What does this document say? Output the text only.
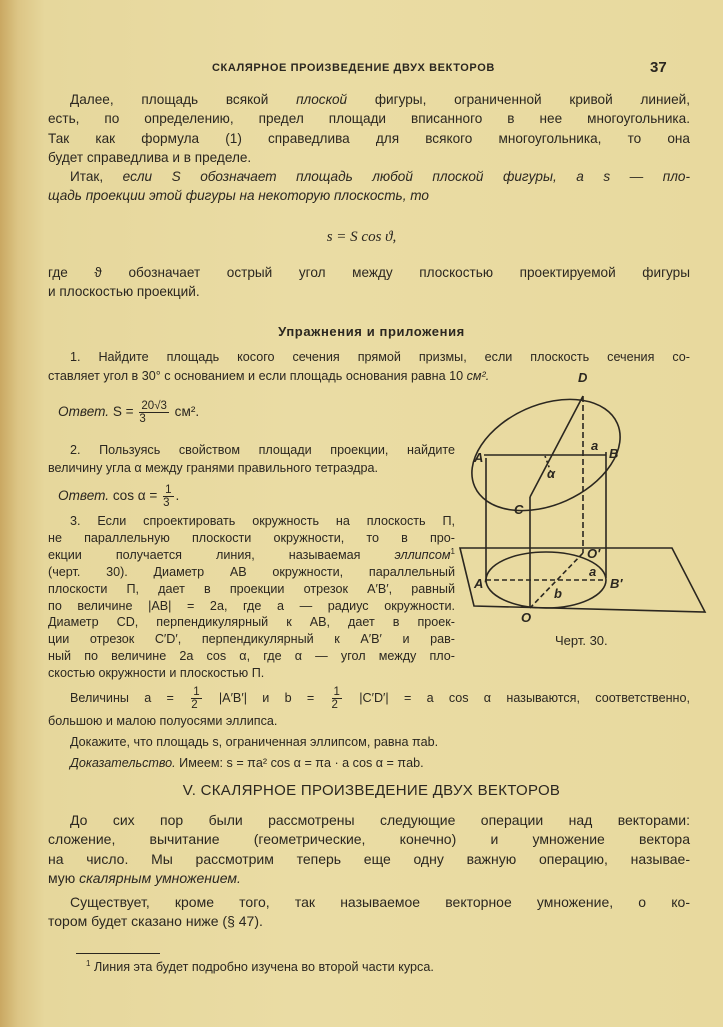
СКАЛЯРНОЕ ПРОИЗВЕДЕНИЕ ДВУХ ВЕКТОРОВ	37
Далее, площадь всякой плоской фигуры, ограниченной кривой линией,
есть, по определению, предел площади вписанного в нее многоугольника.
Так как формула (1) справедлива для всякого многоугольника, то она
будет справедлива и в пределе.
Итак, если S обозначает площадь любой плоской фигуры, а s — пло-
щадь проекции этой фигуры на некоторую плоскость, то
s = S cos ϑ,
где ϑ обозначает острый угол между плоскостью проектируемой фигуры
и плоскостью проекций.
Упражнения и приложения
1. Найдите площадь косого сечения прямой призмы, если плоскость сечения со-
ставляет угол в 30° с основанием и если площадь основания равна 10 см².
Ответ. $S = \frac{20√3}{3} см^2$.
2. Пользуясь свойством площади проекции, найдите
величину угла α между гранями правильного тетраэдра.
Ответ. $\cos \alpha = \frac{1}{3}$ .
3. Если спроектировать окружность на плоскость П,
не параллельную плоскости окружности, то в про-
екции получается линия, называемая эллипсом$^1$
(черт. 30). Диаметр AB окружности, параллельный
плоскости П, дает в проекции отрезок A′B′, равный
по величине |AB| = 2a, где a — радиус окружности.
Диаметр CD, перпендикулярный к AB, дает в проек-
ции отрезок C′D′, перпендикулярный к A′B′ и рав-
ный по величине 2a cos α, где α — угол между пло-
скостью окружности и плоскостью П.
Величины $a = \frac{1}{2} |A'B'|$ и $b = \frac{1}{2} |C'D'| = a$ cos α называются, соответственно,
большою и малою полуосями эллипса.
Докажите, что площадь s, ограниченная эллипсом, равна πab.
Доказательство. Имеем: s = πa² cos α = πa · a cos α = πab.
V. СКАЛЯРНОЕ ПРОИЗВЕДЕНИЕ ДВУХ ВЕКТОРОВ
До сих пор были рассмотрены следующие операции над векторами:
сложение, вычитание (геометрические, конечно) и умножение вектора
на число. Мы рассмотрим теперь еще одну важную операцию, называе-
мую скалярным умножением.
Существует, кроме того, так называемое векторное умножение, о ко-
тором будет сказано ниже (§ 47).
$^1$ Линия эта будет подробно изучена во второй части курса.
D
A	B
C
a
α
O′
A′	B′
a
b
O
Черт. 30.
